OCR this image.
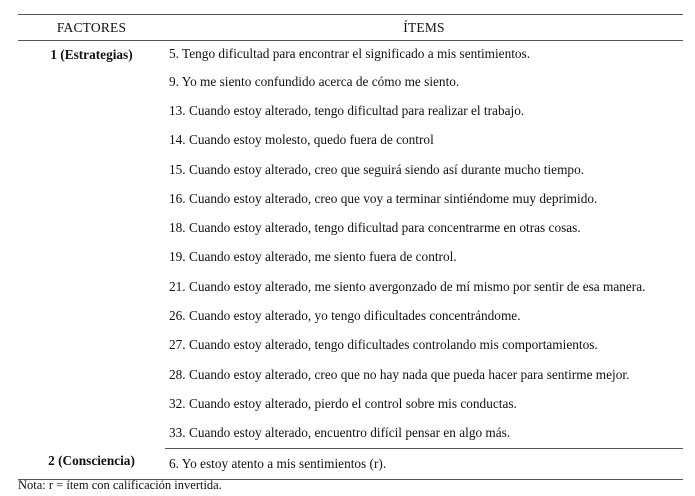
FACTORES	ÍTEMS
1 (Estrategias)	5. Tengo dificultad para encontrar el significado a mis sentimientos.
	9. Yo me siento confundido acerca de cómo me siento.
	13. Cuando estoy alterado, tengo dificultad para realizar el trabajo.
	14. Cuando estoy molesto, quedo fuera de control
	15. Cuando estoy alterado, creo que seguirá siendo así durante mucho tiempo.
	16. Cuando estoy alterado, creo que voy a terminar sintiéndome muy deprimido.
	18. Cuando estoy alterado, tengo dificultad para concentrarme en otras cosas.
	19. Cuando estoy alterado, me siento fuera de control.
	21. Cuando estoy alterado, me siento avergonzado de mí mismo por sentir de esa manera.
	26. Cuando estoy alterado, yo tengo dificultades concentrándome.
	27. Cuando estoy alterado, tengo dificultades controlando mis comportamientos.
	28. Cuando estoy alterado, creo que no hay nada que pueda hacer para sentirme mejor.
	32. Cuando estoy alterado, pierdo el control sobre mis conductas.
	33. Cuando estoy alterado, encuentro difícil pensar en algo más.
2 (Consciencia)	6. Yo estoy atento a mis sentimientos (r).
Nota: r = ítem con calificación invertida.
